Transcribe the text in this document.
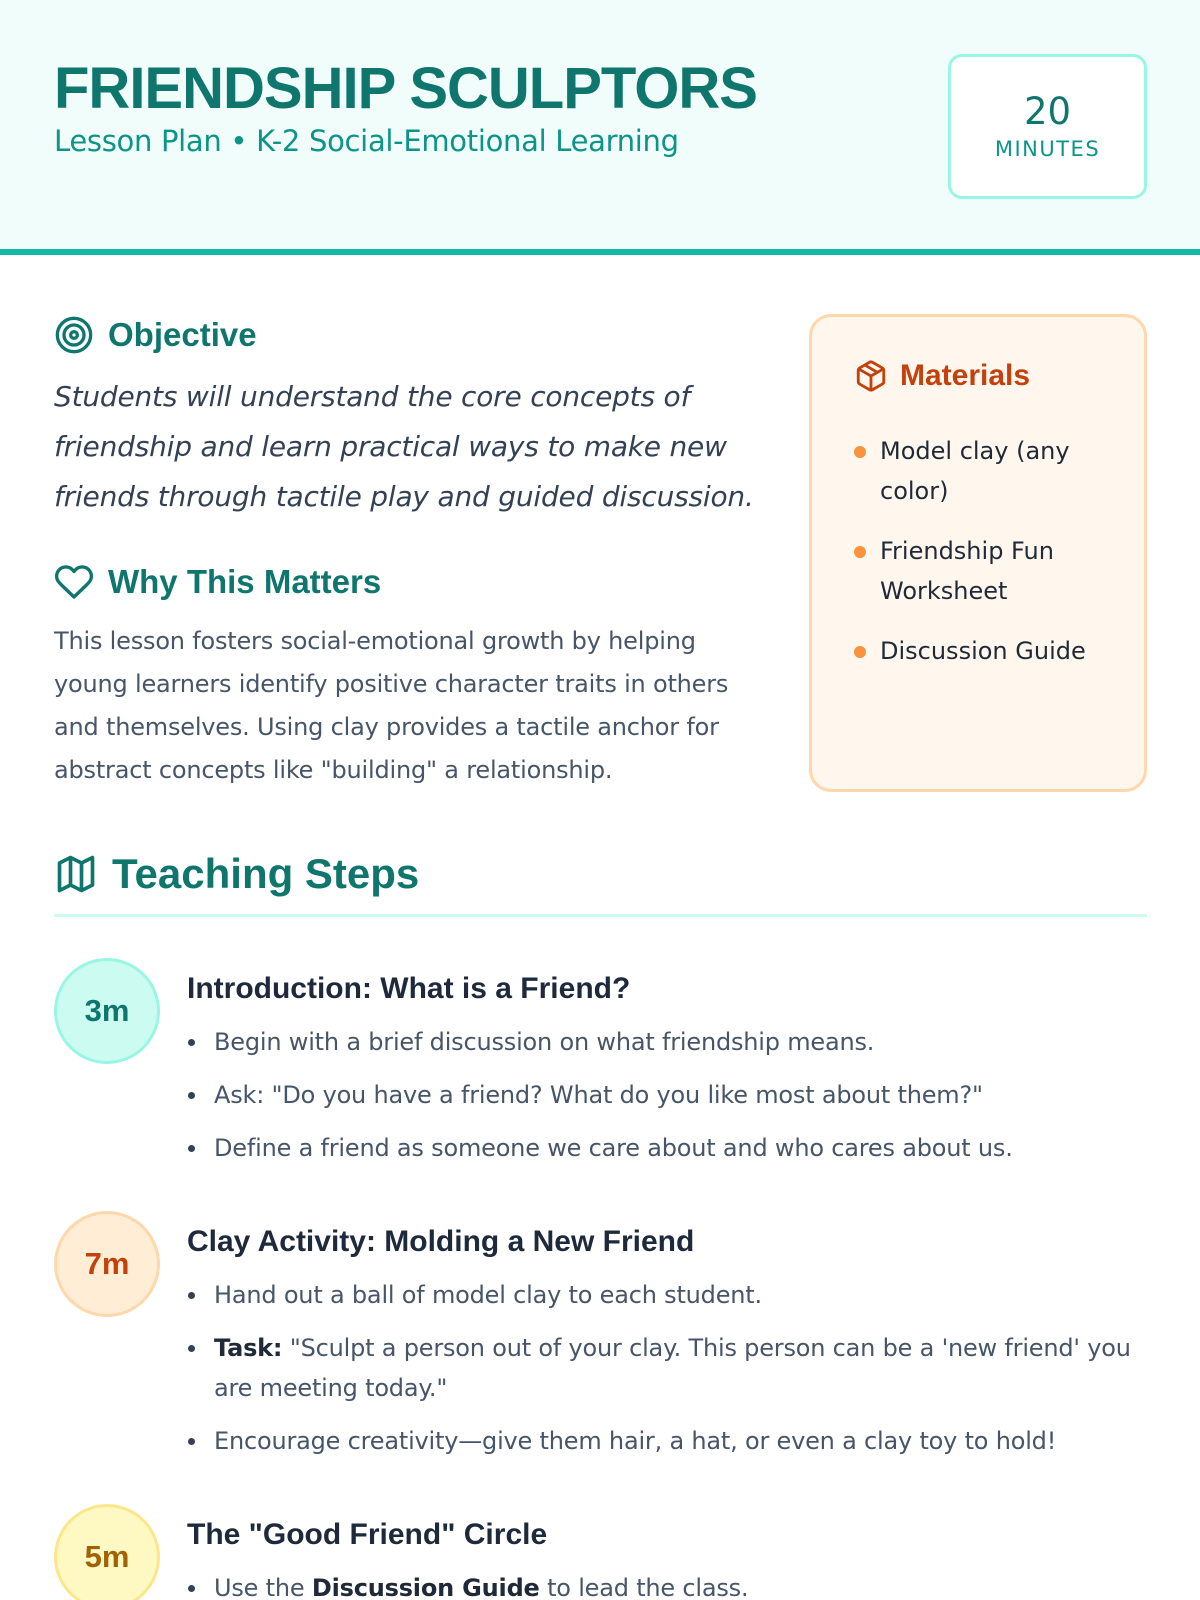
FRIENDSHIP SCULPTORS
Lesson Plan • K-2 Social-Emotional Learning
20
MINUTES
Objective

Students will understand the core concepts of friendship and learn practical ways to make new friends through tactile play and guided discussion.

Why This Matters

This lesson fosters social-emotional growth by helping young learners identify positive character traits in others and themselves. Using clay provides a tactile anchor for abstract concepts like "building" a relationship.

Materials
Model clay (any color)
Friendship Fun Worksheet
Discussion Guide
Teaching Steps
3m
Introduction: What is a Friend?
Begin with a brief discussion on what friendship means.
Ask: "Do you have a friend? What do you like most about them?"
Define a friend as someone we care about and who cares about us.
7m
Clay Activity: Molding a New Friend
Hand out a ball of model clay to each student.
Task: "Sculpt a person out of your clay. This person can be a 'new friend' you are meeting today."
Encourage creativity—give them hair, a hat, or even a clay toy to hold!
5m
The "Good Friend" Circle
Use the Discussion Guide to lead the class.
